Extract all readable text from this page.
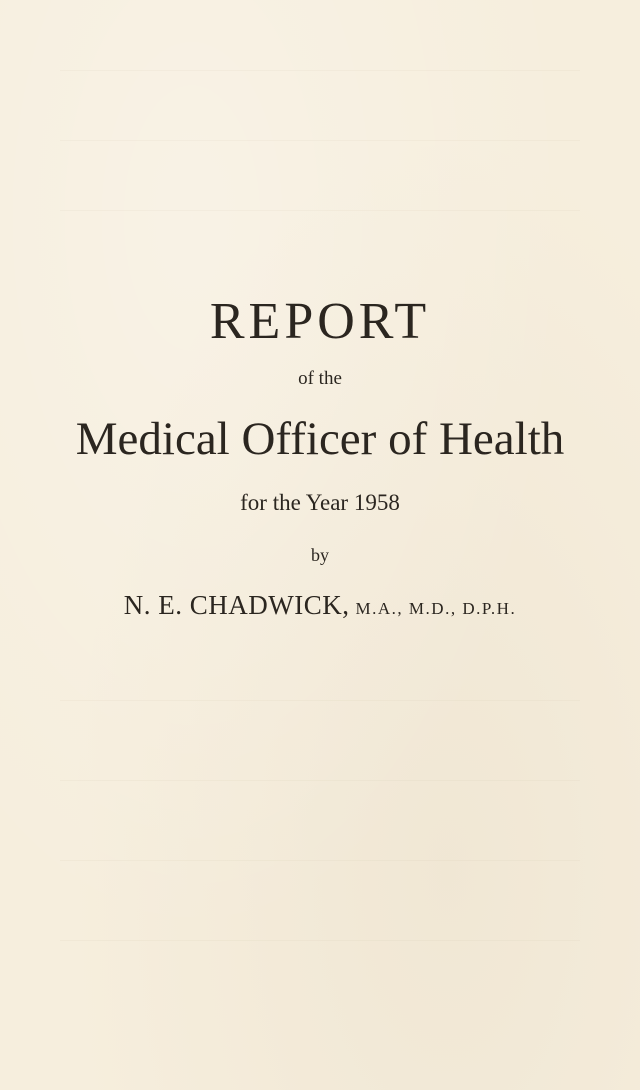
REPORT
of the
Medical Officer of Health
for the Year 1958
by
N. E. CHADWICK, M.A., M.D., D.P.H.
